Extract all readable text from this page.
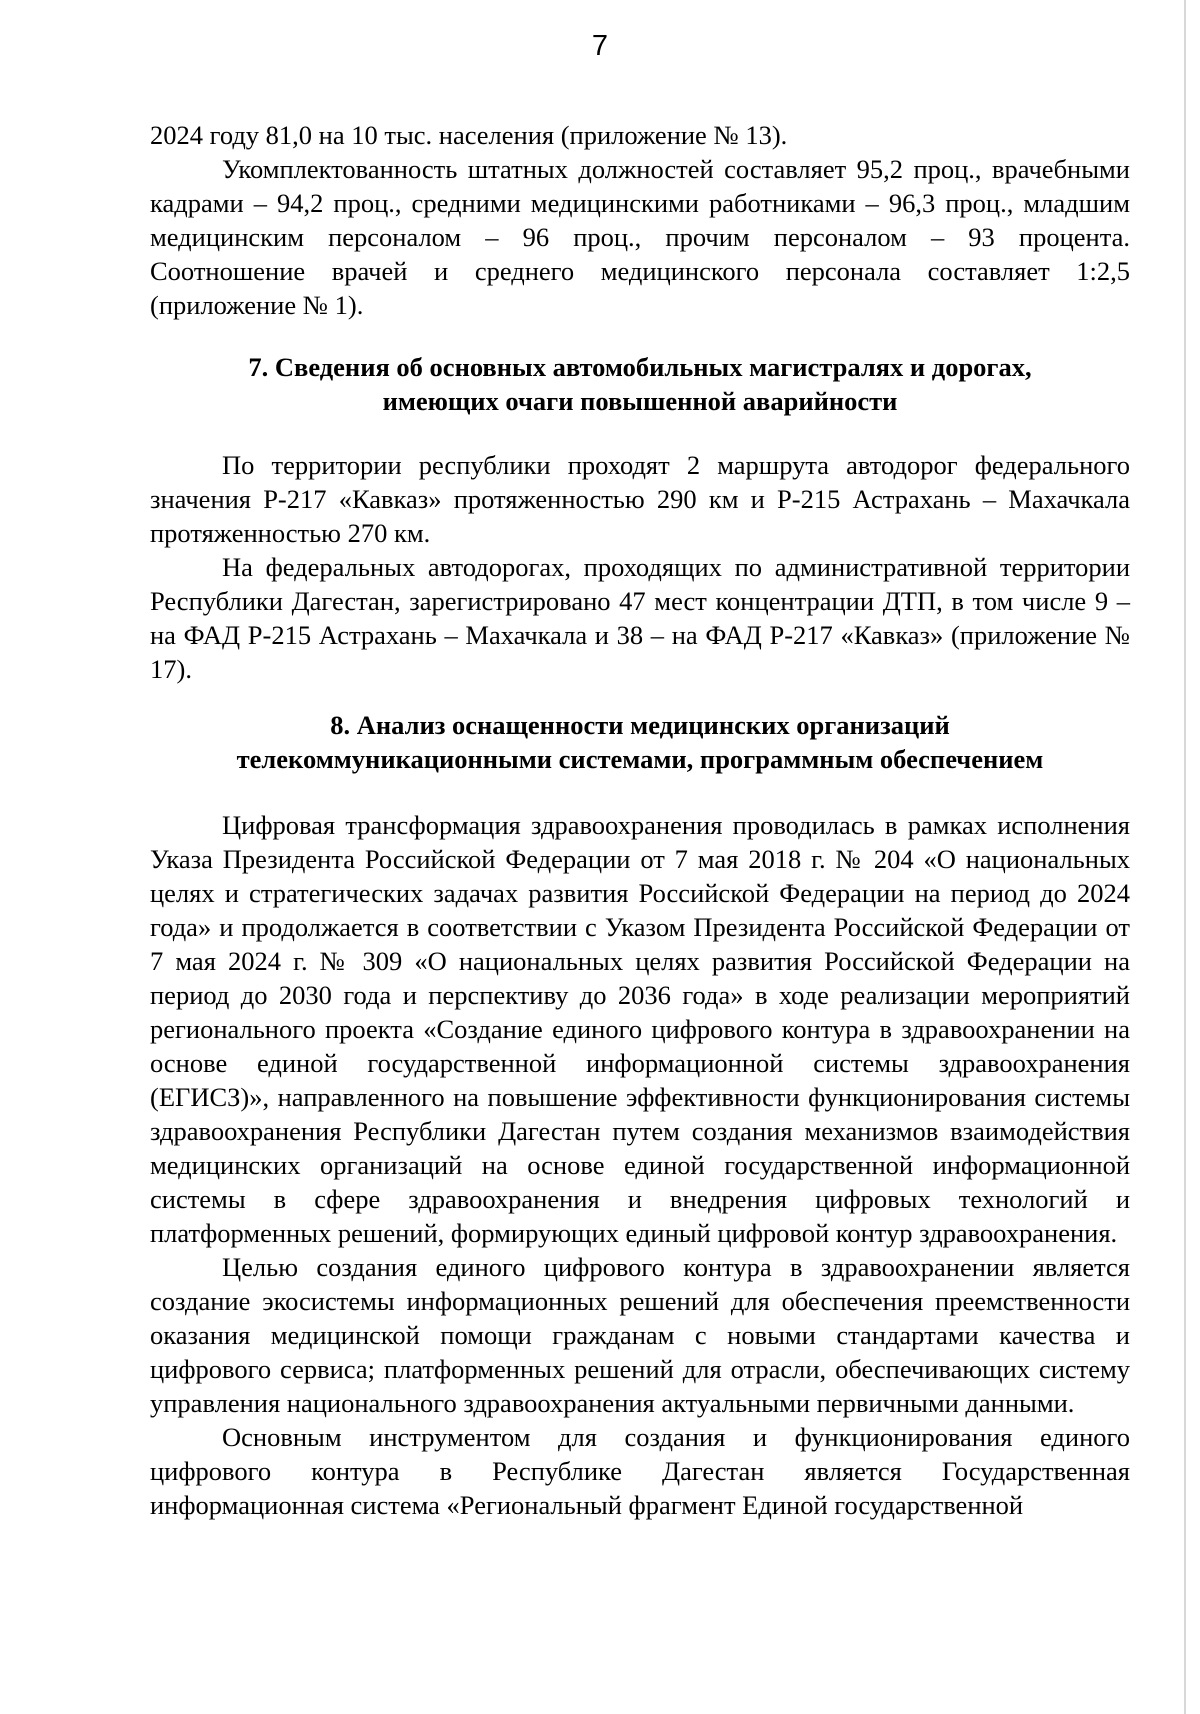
7

2024 году 81,0 на 10 тыс. населения (приложение № 13).

Укомплектованность штатных должностей составляет 95,2 проц., врачебными кадрами – 94,2 проц., средними медицинскими работниками – 96,3 проц., младшим медицинским персоналом – 96 проц., прочим персоналом – 93 процента. Соотношение врачей и среднего медицинского персонала составляет 1:2,5 (приложение № 1).

7. Сведения об основных автомобильных магистралях и дорогах,

имеющих очаги повышенной аварийности

По территории республики проходят 2 маршрута автодорог федерального значения Р-217 «Кавказ» протяженностью 290 км и Р-215 Астрахань – Махачкала протяженностью 270 км.

На федеральных автодорогах, проходящих по административной территории Республики Дагестан, зарегистрировано 47 мест концентрации ДТП, в том числе 9 – на ФАД Р-215 Астрахань – Махачкала и 38 – на ФАД Р-217 «Кавказ» (приложение № 17).

8. Анализ оснащенности медицинских организаций

телекоммуникационными системами, программным обеспечением

Цифровая трансформация здравоохранения проводилась в рамках исполнения Указа Президента Российской Федерации от 7 мая 2018 г. № 204 «О национальных целях и стратегических задачах развития Российской Федерации на период до 2024 года» и продолжается в соответствии с Указом Президента Российской Федерации от 7 мая 2024 г. № 309 «О национальных целях развития Российской Федерации на период до 2030 года и перспективу до 2036 года» в ходе реализации мероприятий регионального проекта «Создание единого цифрового контура в здравоохранении на основе единой государственной информационной системы здравоохранения (ЕГИСЗ)», направленного на повышение эффективности функционирования системы здравоохранения Республики Дагестан путем создания механизмов взаимодействия медицинских организаций на основе единой государственной информационной системы в сфере здравоохранения и внедрения цифровых технологий и платформенных решений, формирующих единый цифровой контур здравоохранения.

Целью создания единого цифрового контура в здравоохранении является создание экосистемы информационных решений для обеспечения преемственности оказания медицинской помощи гражданам с новыми стандартами качества и цифрового сервиса; платформенных решений для отрасли, обеспечивающих систему управления национального здравоохранения актуальными первичными данными.

Основным инструментом для создания и функционирования единого цифрового контура в Республике Дагестан является Государственная информационная система «Региональный фрагмент Единой государственной
